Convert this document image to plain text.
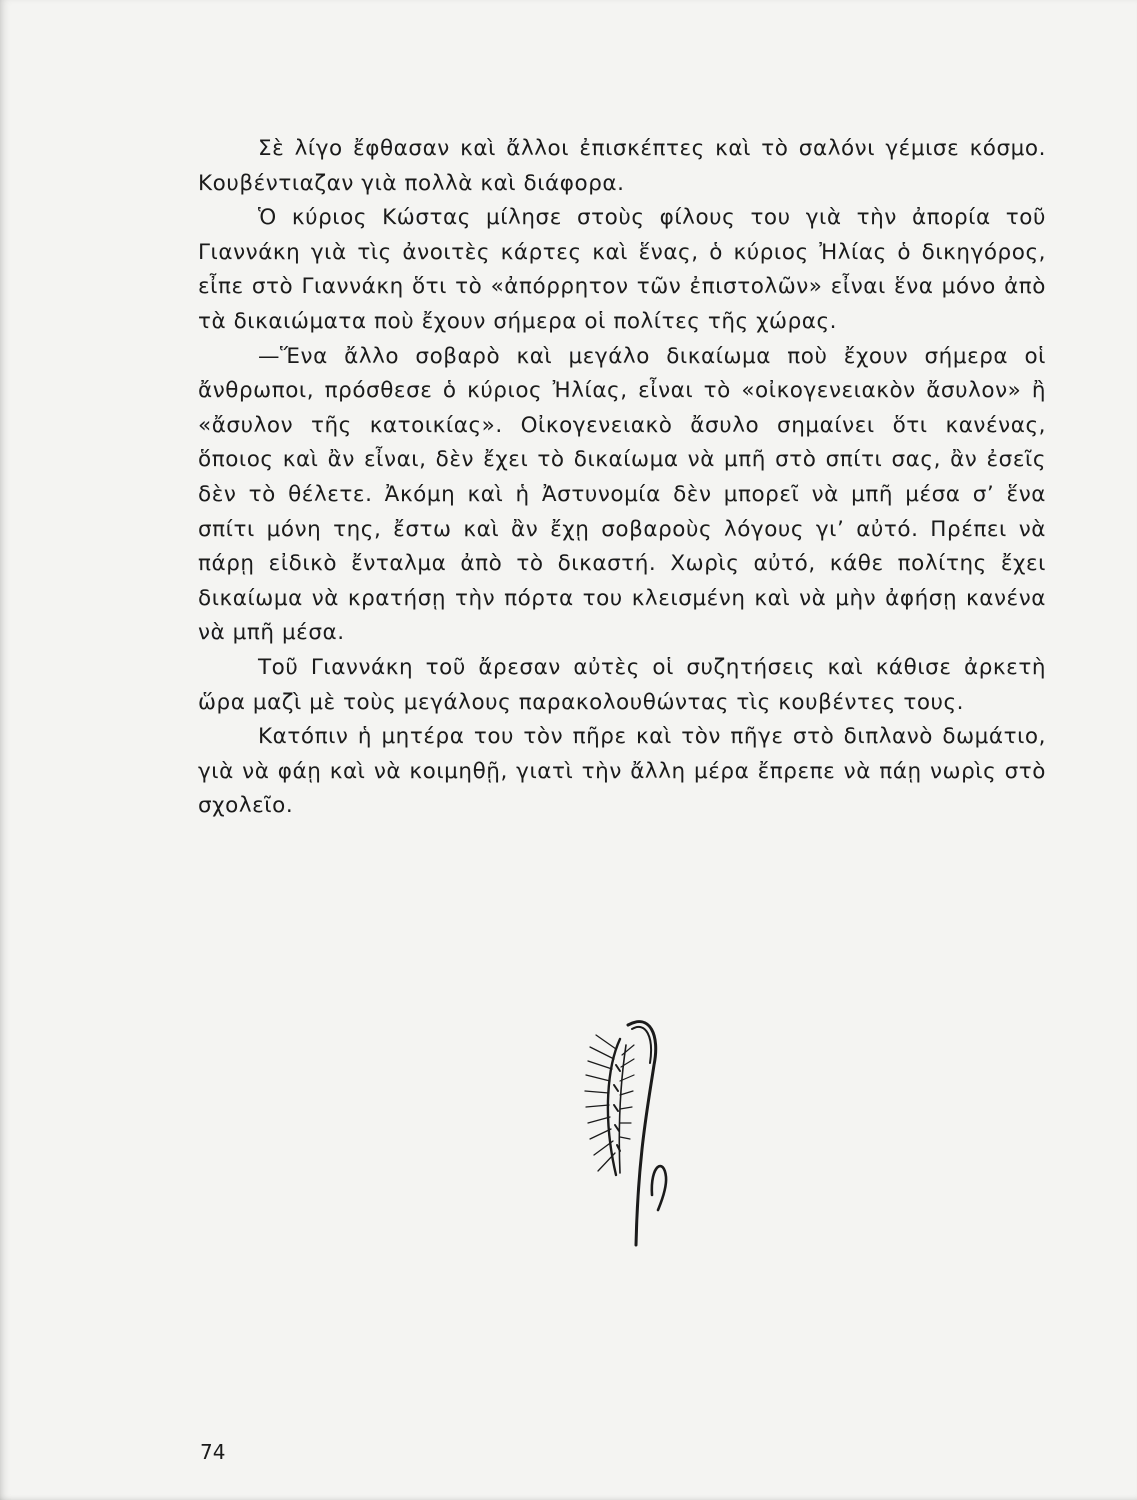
Σὲ λίγο ἔφθασαν καὶ ἄλλοι ἐπισκέπτες καὶ τὸ σαλόνι γέμισε κόσμο. Κουβέντιαζαν γιὰ πολλὰ καὶ διάφορα.

Ὁ κύριος Κώστας μίλησε στοὺς φίλους του γιὰ τὴν ἀπορία τοῦ Γιαννάκη γιὰ τὶς ἀνοιτὲς κάρτες καὶ ἕνας, ὁ κύριος Ἠλίας ὁ δικηγόρος, εἶπε στὸ Γιαννάκη ὅτι τὸ «ἀπόρρητον τῶν ἐπιστολῶν» εἶναι ἕνα μόνο ἀπὸ τὰ δικαιώματα ποὺ ἔχουν σήμερα οἱ πολίτες τῆς χώρας.

—Ἕνα ἄλλο σοβαρὸ καὶ μεγάλο δικαίωμα ποὺ ἔχουν σήμερα οἱ ἄνθρωποι, πρόσθεσε ὁ κύριος Ἠλίας, εἶναι τὸ «οἰκογενειακὸν ἄσυλον» ἢ «ἄσυλον τῆς κατοικίας». Οἰκογενειακὸ ἄσυλο σημαίνει ὅτι κανένας, ὅποιος καὶ ἂν εἶναι, δὲν ἔχει τὸ δικαίωμα νὰ μπῆ στὸ σπίτι σας, ἂν ἐσεῖς δὲν τὸ θέλετε. Ἀκόμη καὶ ἡ Ἀστυνομία δὲν μπορεῖ νὰ μπῆ μέσα σ’ ἕνα σπίτι μόνη της, ἔστω καὶ ἂν ἔχῃ σοβαροὺς λόγους γι’ αὐτό. Πρέπει νὰ πάρῃ εἰδικὸ ἔνταλμα ἀπὸ τὸ δικαστή. Χωρὶς αὐτό, κάθε πολίτης ἔχει δικαίωμα νὰ κρατήσῃ τὴν πόρτα του κλεισμένη καὶ νὰ μὴν ἀφήσῃ κανένα νὰ μπῆ μέσα.

Τοῦ Γιαννάκη τοῦ ἄρεσαν αὐτὲς οἱ συζητήσεις καὶ κάθισε ἀρκετὴ ὥρα μαζὶ μὲ τοὺς μεγάλους παρακολουθώντας τὶς κουβέντες τους.

Κατόπιν ἡ μητέρα του τὸν πῆρε καὶ τὸν πῆγε στὸ διπλανὸ δωμάτιο, γιὰ νὰ φάῃ καὶ νὰ κοιμηθῇ, γιατὶ τὴν ἄλλη μέρα ἔπρεπε νὰ πάῃ νωρὶς στὸ σχολεῖο.

74
